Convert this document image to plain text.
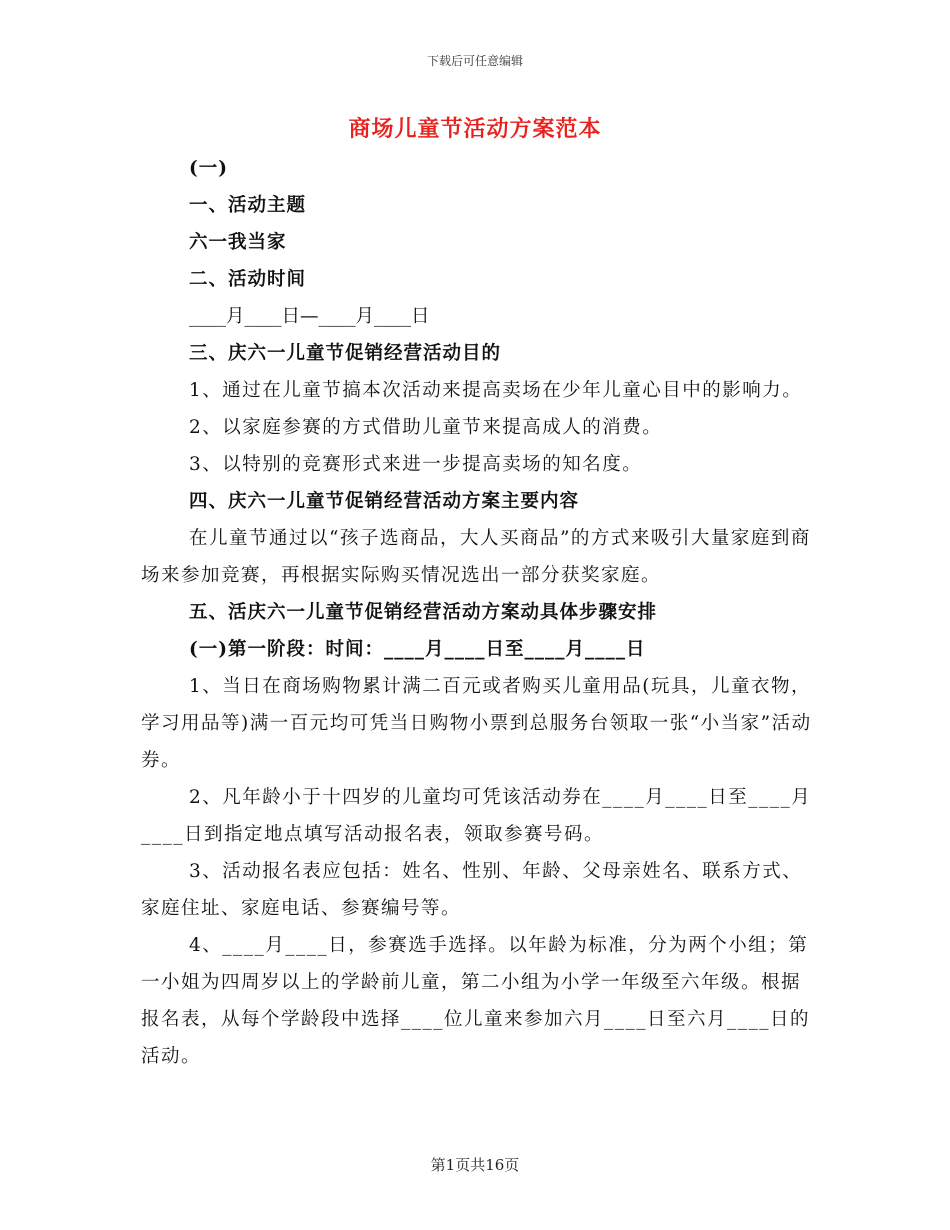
下载后可任意编辑
商场儿童节活动方案范本

(一)

一、活动主题

六一我当家

二、活动时间

____月____日—____月____日

三、庆六一儿童节促销经营活动目的

1、通过在儿童节搞本次活动来提高卖场在少年儿童心目中的影响力。

2、以家庭参赛的方式借助儿童节来提高成人的消费。

3、以特别的竞赛形式来进一步提高卖场的知名度。

四、庆六一儿童节促销经营活动方案主要内容

在儿童节通过以“孩子选商品，大人买商品”的方式来吸引大量家庭到商场来参加竞赛，再根据实际购买情况选出一部分获奖家庭。

五、活庆六一儿童节促销经营活动方案动具体步骤安排

(一)第一阶段：时间：____月____日至____月____日

1、当日在商场购物累计满二百元或者购买儿童用品(玩具，儿童衣物，学习用品等)满一百元均可凭当日购物小票到总服务台领取一张“小当家”活动券。

2、凡年龄小于十四岁的儿童均可凭该活动券在____月____日至____月____日到指定地点填写活动报名表，领取参赛号码。

3、活动报名表应包括：姓名、性别、年龄、父母亲姓名、联系方式、家庭住址、家庭电话、参赛编号等。

4、____月____日，参赛选手选择。以年龄为标准，分为两个小组；第一小姐为四周岁以上的学龄前儿童，第二小组为小学一年级至六年级。根据报名表，从每个学龄段中选择____位儿童来参加六月____日至六月____日的活动。

第1页共16页
